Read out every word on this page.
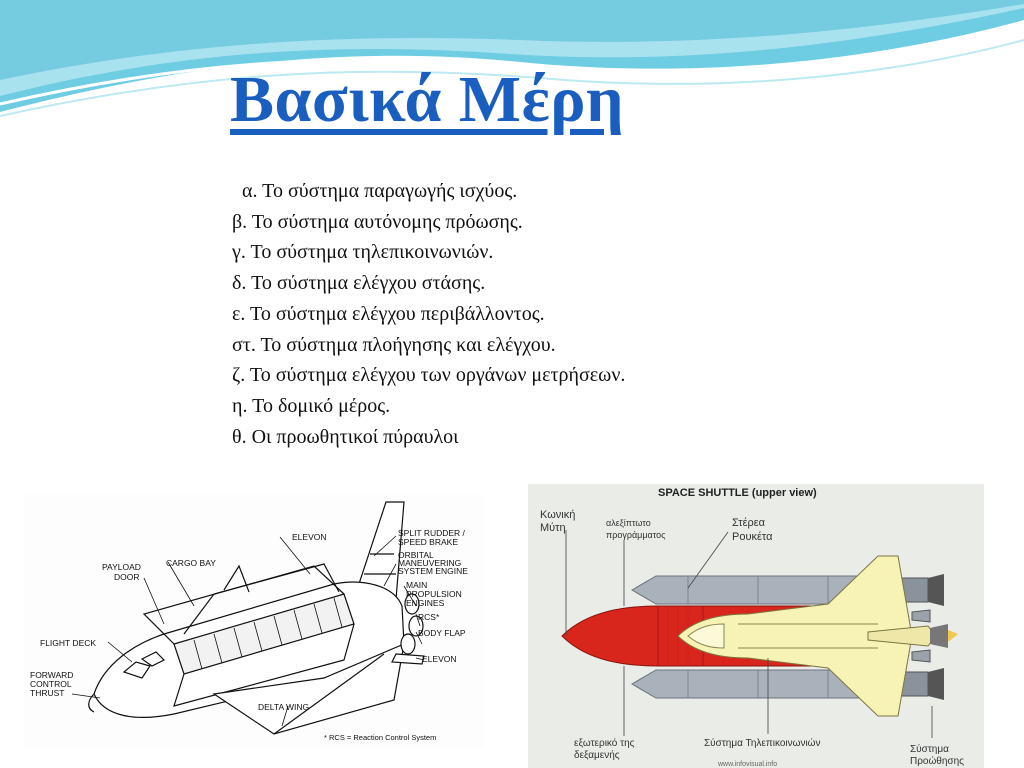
Βασικά Μέρη
α. Το σύστημα παραγωγής ισχύος.
β. Το σύστημα αυτόνομης πρόωσης.
γ. Το σύστημα τηλεπικοινωνιών.
δ. Το σύστημα ελέγχου στάσης.
ε. Το σύστημα ελέγχου περιβάλλοντος.
στ. Το σύστημα πλοήγησης και ελέγχου.
ζ. Το σύστημα ελέγχου των οργάνων μετρήσεων.
η. Το δομικό μέρος.
θ. Οι προωθητικοί πύραυλοι
ELEVON	SPLIT RUDDER /
SPEED BRAKE
ORBITAL
MANEUVERING
SYSTEM ENGINE
MAIN
PROPULSION
ENGINES
RCS*
BODY FLAP
ELEVON
CARGO BAY
PAYLOAD
DOOR
FLIGHT DECK
FORWARD
CONTROL
THRUST
DELTA WING
* RCS = Reaction Control System
SPACE SHUTTLE (upper view)
Κωνική
Μύτη	αλεξίπτωτο
προγράμματος
Στέρεα
Ρουκέτα
εξωτερικό της
δεξαμενής
Σύστημα Τηλεπικοινωνιών
Σύστημα
Προώθησης
www.infovisual.info
